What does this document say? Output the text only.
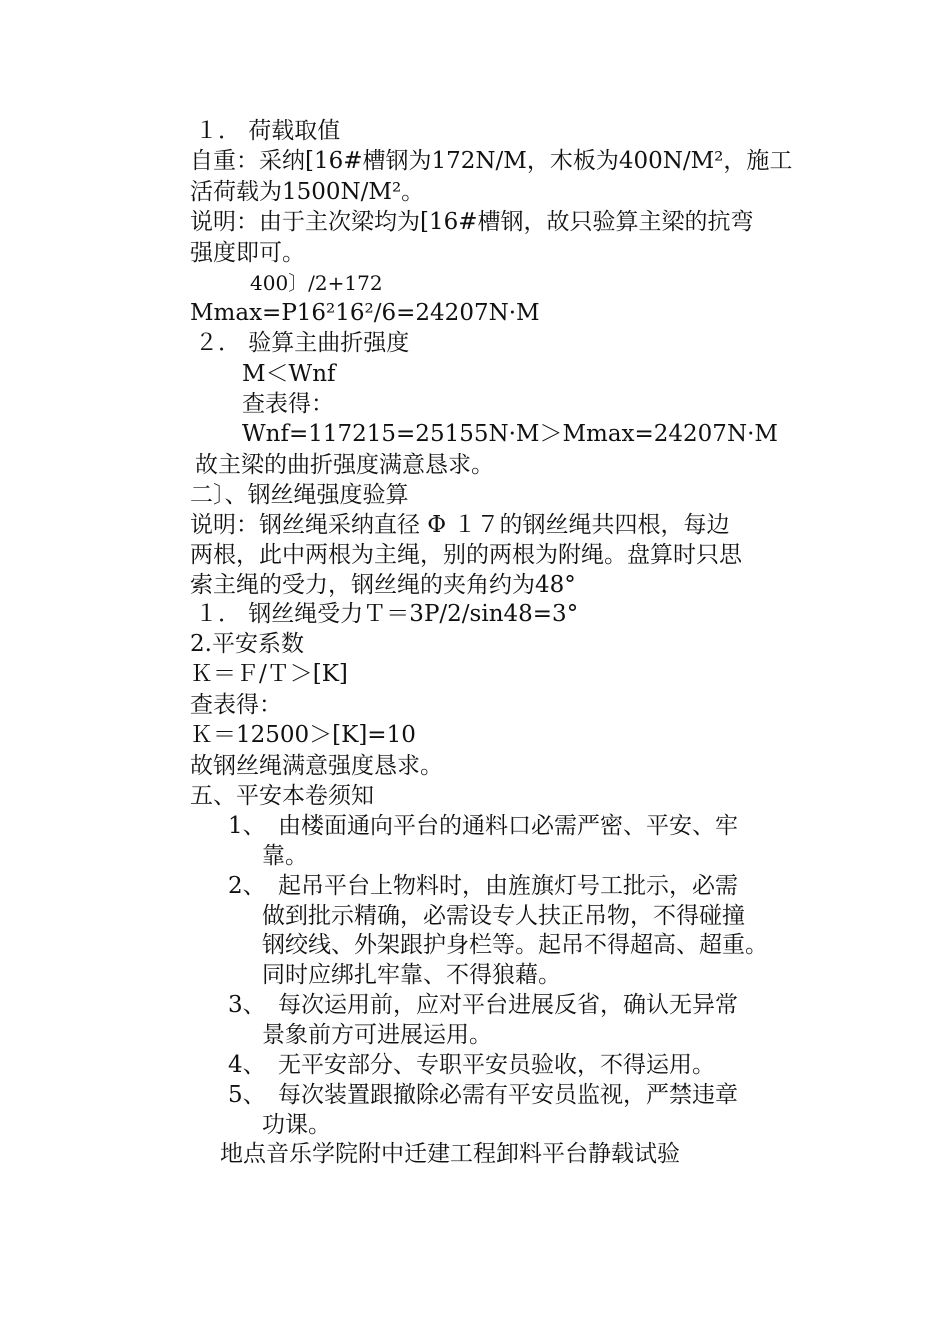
１． 荷载取值
自重：采纳[16#槽钢为172N/M，木板为400N/M²，施工
活荷载为1500N/M²。
说明：由于主次梁均为[16#槽钢，故只验算主梁的抗弯
强度即可。
400〕/2+172
Mmax=P16²16²/6=24207N·M
２． 验算主曲折强度
M＜Wnf
查表得：
Wnf=117215=25155N·M＞Mmax=24207N·M
故主梁的曲折强度满意恳求。
二〕、钢丝绳强度验算
说明：钢丝绳采纳直径 Φ １７的钢丝绳共四根，每边
两根，此中两根为主绳，别的两根为附绳。盘算时只思
索主绳的受力，钢丝绳的夹角约为48°
１． 钢丝绳受力Ｔ＝3P/2/sin48=3°
2.平安系数
Ｋ＝Ｆ/Ｔ＞[K]
查表得：
Ｋ＝12500＞[K]=10
故钢丝绳满意强度恳求。
五、平安本卷须知
1、 由楼面通向平台的通料口必需严密、平安、牢
靠。
2、 起吊平台上物料时，由旌旗灯号工批示，必需
做到批示精确，必需设专人扶正吊物，不得碰撞
钢绞线、外架跟护身栏等。起吊不得超高、超重。
同时应绑扎牢靠、不得狼藉。
3、 每次运用前，应对平台进展反省，确认无异常
景象前方可进展运用。
4、 无平安部分、专职平安员验收，不得运用。
5、 每次装置跟撤除必需有平安员监视，严禁违章
功课。
地点音乐学院附中迁建工程卸料平台静载试验
